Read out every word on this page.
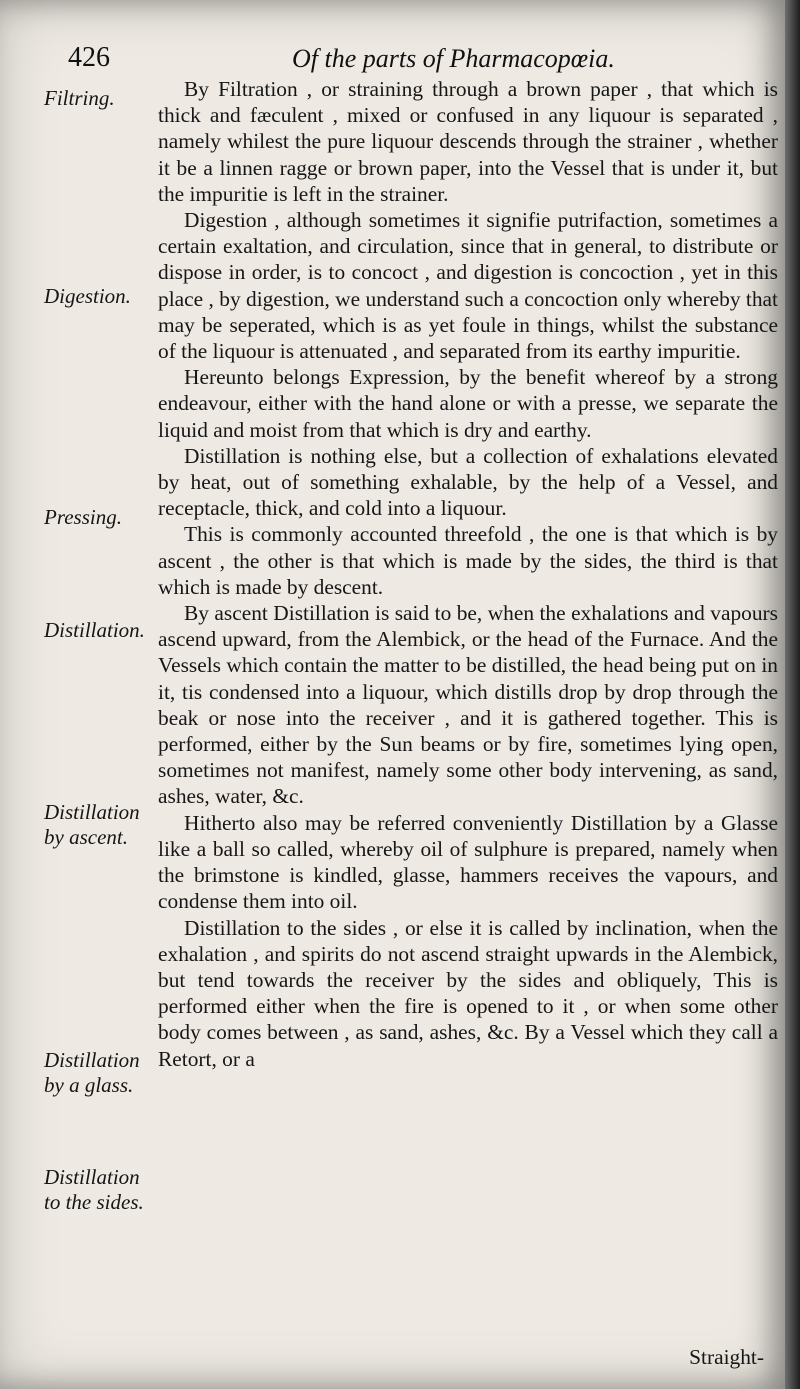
426	Of the parts of Pharmacopœia.
Filtring.
Digestion.
Pressing.
Distillation.
Distillation by ascent.
Distillation by a glass.
Distillation to the sides.

By Filtration , or straining through a brown paper , that which is thick and fæculent , mixed or confused in any liquour is separated , namely whilest the pure liquour descends through the strainer , whether it be a linnen ragge or brown paper, into the Vessel that is under it, but the impuritie is left in the strainer.

Digestion , although sometimes it signifie putrifaction, sometimes a certain exaltation, and circulation, since that in general, to distribute or dispose in order, is to concoct , and digestion is concoction , yet in this place , by digestion, we understand such a concoction only whereby that may be seperated, which is as yet foule in things, whilst the substance of the liquour is attenuated , and separated from its earthy impuritie.

Hereunto belongs Expression, by the benefit whereof by a strong endeavour, either with the hand alone or with a presse, we separate the liquid and moist from that which is dry and earthy.

Distillation is nothing else, but a collection of exhalations elevated by heat, out of something exhalable, by the help of a Vessel, and receptacle, thick, and cold into a liquour.

This is commonly accounted threefold , the one is that which is by ascent , the other is that which is made by the sides, the third is that which is made by descent.

By ascent Distillation is said to be, when the exhalations and vapours ascend upward, from the Alembick, or the head of the Furnace. And the Vessels which contain the matter to be distilled, the head being put on in it, tis condensed into a liquour, which distills drop by drop through the beak or nose into the receiver , and it is gathered together. This is performed, either by the Sun beams or by fire, sometimes lying open, sometimes not manifest, namely some other body intervening, as sand, ashes, water, &c.

Hitherto also may be referred conveniently Distillation by a Glasse like a ball so called, whereby oil of sulphure is prepared, namely when the brimstone is kindled, glasse, hammers receives the vapours, and condense them into oil.

Distillation to the sides , or else it is called by inclination, when the exhalation , and spirits do not ascend straight upwards in the Alembick, but tend towards the receiver by the sides and obliquely, This is performed either when the fire is opened to it , or when some other body comes between , as sand, ashes, &c. By a Vessel which they call a Retort, or a

Straight-
